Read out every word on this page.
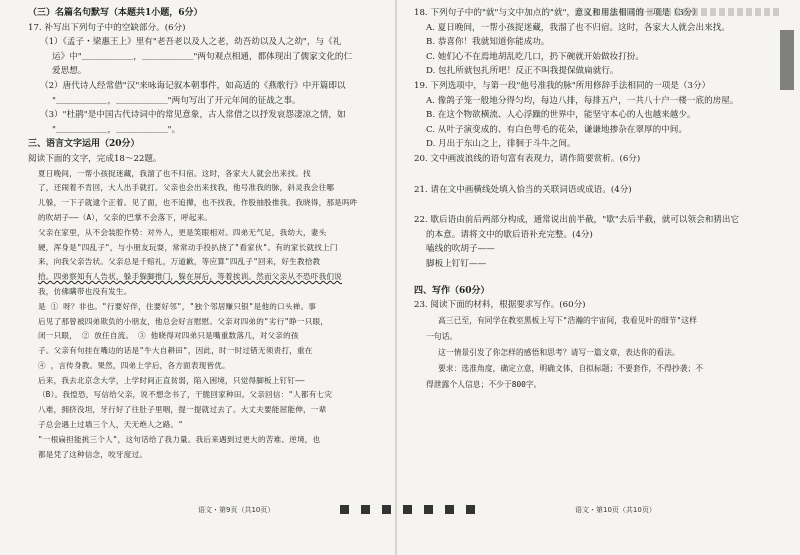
（三）名篇名句默写（本题共1小题，6分）
17. 补写出下列句子中的空缺部分。(6分)
（1）《孟子・梁惠王上》里有"老吾老以及人之老，幼吾幼以及人之幼"，与《礼
运》中"＿＿＿＿＿＿，＿＿＿＿＿＿"两句观点相通，都体现出了儒家文化的仁
爱思想。
（2）唐代诗人经常借"汉"来咏诲记叙本朝事件，如高适的《燕歌行》中开篇即以
"＿＿＿＿＿＿，＿＿＿＿＿＿"两句写出了开元年间的征战之事。
（3）"杜鹃"是中国古代诗词中的常见意象，古人常借之以抒发哀怨凄凉之情，如
"＿＿＿＿＿＿，＿＿＿＿＿＿"。
三、语言文字运用（20分）
阅读下面的文字，完成18～22题。
夏日晚间，一帮小孩捉迷藏，我溜了也不归宿。这时，各家大人就会出来找。找
了，还闹着不肯回，大人出手就打。父亲也会出来找我，他号准我的脉，斜灵我会往哪
儿躲，一下子就逮个正着。见了面，也不追撵，也不找我，作股抽股推我。我晓得，那是吗吽
的吹胡子——（A），父亲的巴掌不会落下，呼起来。
父亲在家里，从不会装腔作势：对外人，更是笑眼相对。四弟无气足，我幼大，妻头
硬，浑身是"四乱子"，与小朋友玩耍，常常动手投扒挠了"看家伙"。有的家长就找上门
来，向我父亲告状。父亲总是千赔礼，万道歉，等应算"四乱子"回来，好生教拾教
拾。四弟察知有人告状，躲手躲脚推门，躲在屏后，等着挨训。然而父亲从不恐吓我们说
我，仿佛瞒带也没有发生。
是 ① 呀？非也。"行要好伴，住要好邻"，"独个邻居赚只银"是他的口头禅。事
后见了那曾被四弟欺负的小朋友，他总会好言慰慰。父亲对四弟的"劣行"睁一只眼，
闭一只眼， ② 放任自流。 ③ 他晓得对四弟只是嘴重数落几，对父亲的孩
子。父亲有句挂在嘴边的话是"牛大自耕田"，因此，时一时过错无须责打，重在
④ ，言传身教。果然，四弟上学后，各方面表现皆优。
后来，我去北京念大学，上学时间正直贫弱，陷入困境，只觉得脚板上钉钉——
（B）。我惶恐，写信给父亲，说不想念书了，干脆回家种田。父亲回信："人都有七灾
八难，拥挤没坦，牙行好了往肚子里咽，提一提就过去了。大丈夫要能屈能伸，一辈
子总会遇上过墙三个人，天无绝人之路。"
"一根扁担能挑三个人"，这句话给了我力量。我后来遇到过更大的苦难、逆境，也
都是凭了这种信念，咬牙度过。
18. 下列句子中的"就"与文中加点的"就"，意义和用法相同的一项是（3分）
A. 夏日晚间，一帮小孩捉迷藏，我溜了也不归宿。这时，各家大人就会出来找。
B. 恭喜你！我就知道你能成功。
C. 她们心不在焉地胡乱吃几口，扔下碗就开始做妆打扮。
D. 包扎所就包扎所吧！反正不叫我提保做扁就行。
19. 下列选项中，与第一段"他号准我的脉"所用修辞手法相同的一项是（3分）
A. 像鸽子笼一般地分得匀均，每边八排，每排五户，一共八十户一楼一底的房屋。
B. 在这个物欲横流、人心浮躁的世界中，能坚守本心的人也越来越少。
C. 从叶子演变成的、有白色萼毛的花朵，谦谦地掺杂在翠厚的中间。
D. 月出于东山之上，徘徊于斗牛之间。
20. 文中画波浪线的语句富有表现力，请作简要赏析。(6分)
21. 请在文中画横线处填入恰当的关联词语或成语。(4分)
22. 歇后语由前后两部分构成，通常说出前半截，"歇"去后半截，就可以领会和猜出它
的本意。请将文中的歇后语补充完整。(4分)
嗑线的吹胡子——
脚板上钉钉——
四、写作（60分）
23. 阅读下面的材料，根据要求写作。(60分)
高三已至，有同学在教室黑板上写下"浩瀚的宇宙间，我看见叶的细节"这样
一句话。
这一情景引发了你怎样的感悟和思考？请写一篇文章，表达你的看法。
要求：选准角度，确定立意，明确文体，自拟标题；不要套作，不得抄袭；不
得泄露个人信息；不少于800字。
语文・第9页（共10页）	语文・第10页（共10页）
